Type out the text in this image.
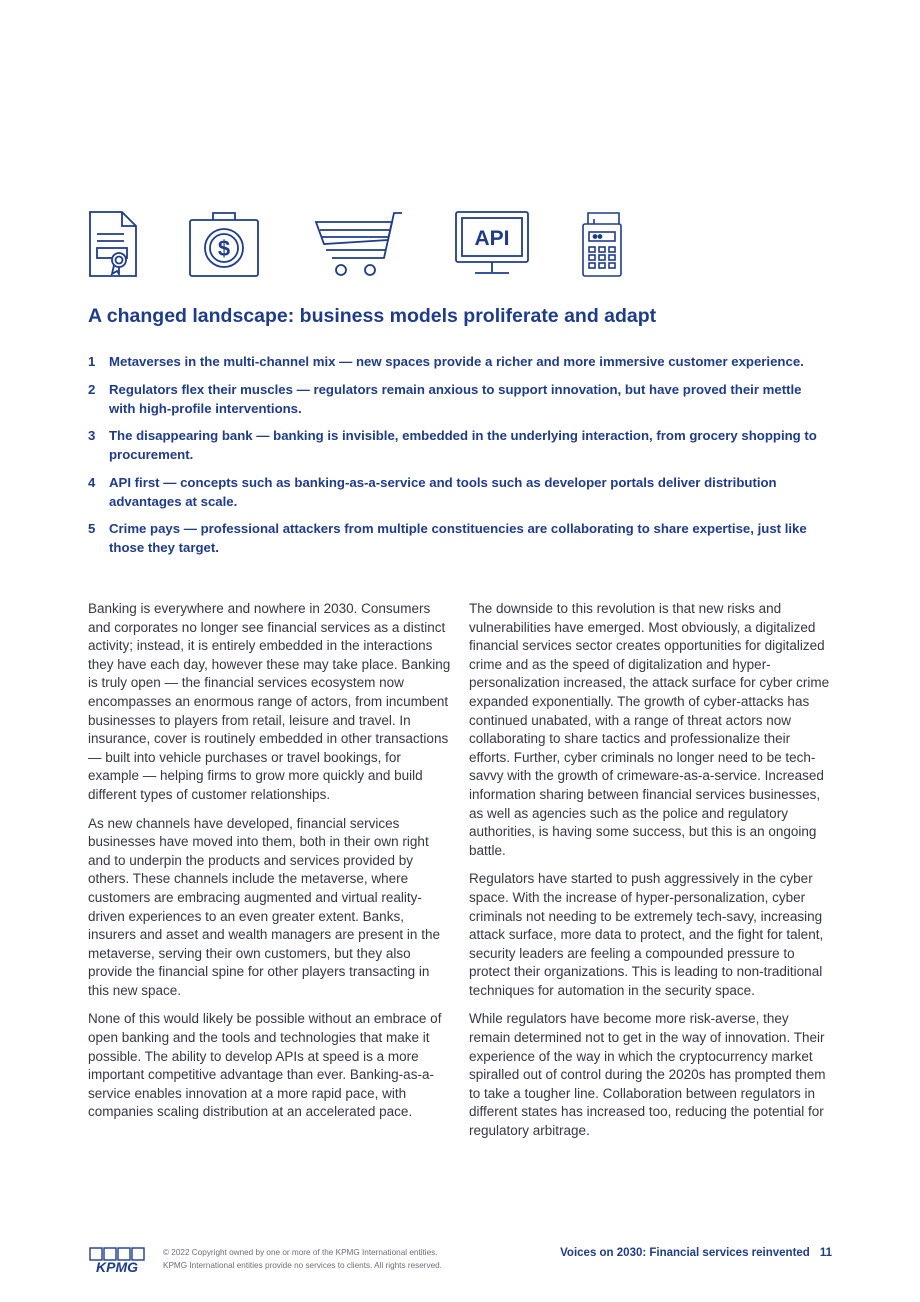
$	API
A changed landscape: business models proliferate and adapt
1 Metaverses in the multi-channel mix — new spaces provide a richer and more immersive customer experience.
2 Regulators flex their muscles — regulators remain anxious to support innovation, but have proved their mettle with high-profile interventions.
3 The disappearing bank — banking is invisible, embedded in the underlying interaction, from grocery shopping to procurement.
4 API first — concepts such as banking-as-a-service and tools such as developer portals deliver distribution advantages at scale.
5 Crime pays — professional attackers from multiple constituencies are collaborating to share expertise, just like those they target.

Banking is everywhere and nowhere in 2030. Consumers and corporates no longer see financial services as a distinct activity; instead, it is entirely embedded in the interactions they have each day, however these may take place. Banking is truly open — the financial services ecosystem now encompasses an enormous range of actors, from incumbent businesses to players from retail, leisure and travel. In insurance, cover is routinely embedded in other transactions — built into vehicle purchases or travel bookings, for example — helping firms to grow more quickly and build different types of customer relationships.

As new channels have developed, financial services businesses have moved into them, both in their own right and to underpin the products and services provided by others. These channels include the metaverse, where customers are embracing augmented and virtual reality-driven experiences to an even greater extent. Banks, insurers and asset and wealth managers are present in the metaverse, serving their own customers, but they also provide the financial spine for other players transacting in this new space.

None of this would likely be possible without an embrace of open banking and the tools and technologies that make it possible. The ability to develop APIs at speed is a more important competitive advantage than ever. Banking-as-a-service enables innovation at a more rapid pace, with companies scaling distribution at an accelerated pace.

The downside to this revolution is that new risks and vulnerabilities have emerged. Most obviously, a digitalized financial services sector creates opportunities for digitalized crime and as the speed of digitalization and hyper-personalization increased, the attack surface for cyber crime expanded exponentially. The growth of cyber-attacks has continued unabated, with a range of threat actors now collaborating to share tactics and professionalize their efforts. Further, cyber criminals no longer need to be tech-savvy with the growth of crimeware-as-a-service. Increased information sharing between financial services businesses, as well as agencies such as the police and regulatory authorities, is having some success, but this is an ongoing battle.

Regulators have started to push aggressively in the cyber space. With the increase of hyper-personalization, cyber criminals not needing to be extremely tech-savy, increasing attack surface, more data to protect, and the fight for talent, security leaders are feeling a compounded pressure to protect their organizations. This is leading to non-traditional techniques for automation in the security space.

While regulators have become more risk-averse, they remain determined not to get in the way of innovation. Their experience of the way in which the cryptocurrency market spiralled out of control during the 2020s has prompted them to take a tougher line. Collaboration between regulators in different states has increased too, reducing the potential for regulatory arbitrage.

KPMG
© 2022 Copyright owned by one or more of the KPMG International entities.
KPMG International entities provide no services to clients. All rights reserved.
Voices on 2030: Financial services reinvented 11
